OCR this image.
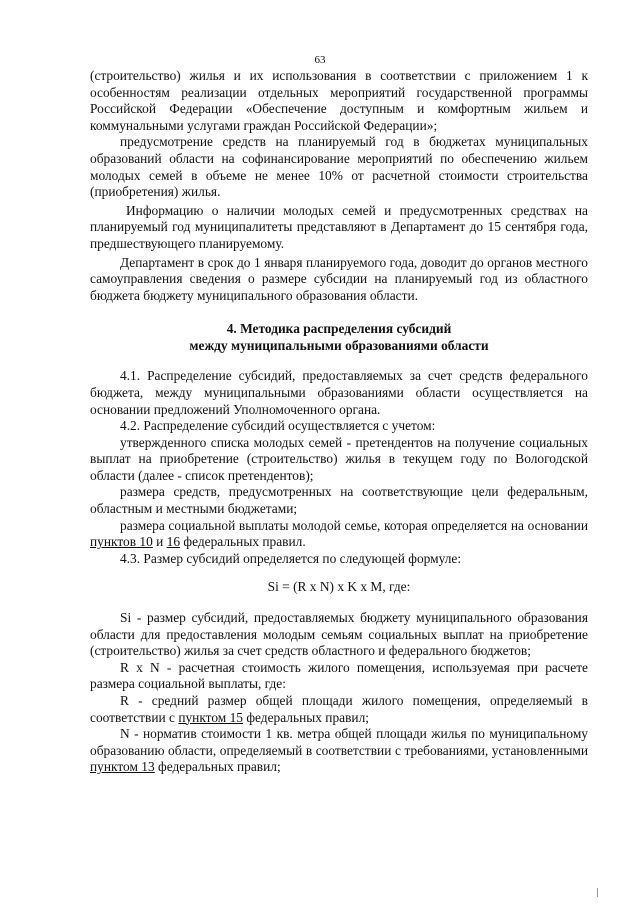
63

(строительство) жилья и их использования в соответствии с приложением 1 к особенностям реализации отдельных мероприятий государственной программы Российской Федерации «Обеспечение доступным и комфортным жильем и коммунальными услугами граждан Российской Федерации»;

предусмотрение средств на планируемый год в бюджетах муниципальных образований области на софинансирование мероприятий по обеспечению жильем молодых семей в объеме не менее 10% от расчетной стоимости строительства (приобретения) жилья.

Информацию о наличии молодых семей и предусмотренных средствах на планируемый год муниципалитеты представляют в Департамент до 15 сентября года, предшествующего планируемому.

Департамент в срок до 1 января планируемого года, доводит до органов местного самоуправления сведения о размере субсидии на планируемый год из областного бюджета бюджету муниципального образования области.

4. Методика распределения субсидий
между муниципальными образованиями области

4.1. Распределение субсидий, предоставляемых за счет средств федерального бюджета, между муниципальными образованиями области осуществляется на основании предложений Уполномоченного органа.

4.2. Распределение субсидий осуществляется с учетом:

утвержденного списка молодых семей - претендентов на получение социальных выплат на приобретение (строительство) жилья в текущем году по Вологодской области (далее - список претендентов);

размера средств, предусмотренных на соответствующие цели федеральным, областным и местными бюджетами;

размера социальной выплаты молодой семье, которая определяется на основании пунктов 10 и 16 федеральных правил.

4.3. Размер субсидий определяется по следующей формуле:

Si = (R x N) x K x M, где:

Si - размер субсидий, предоставляемых бюджету муниципального образования области для предоставления молодым семьям социальных выплат на приобретение (строительство) жилья за счет средств областного и федерального бюджетов;

R x N - расчетная стоимость жилого помещения, используемая при расчете размера социальной выплаты, где:

R - средний размер общей площади жилого помещения, определяемый в соответствии с пунктом 15 федеральных правил;

N - норматив стоимости 1 кв. метра общей площади жилья по муниципальному образованию области, определяемый в соответствии с требованиями, установленными пунктом 13 федеральных правил;
